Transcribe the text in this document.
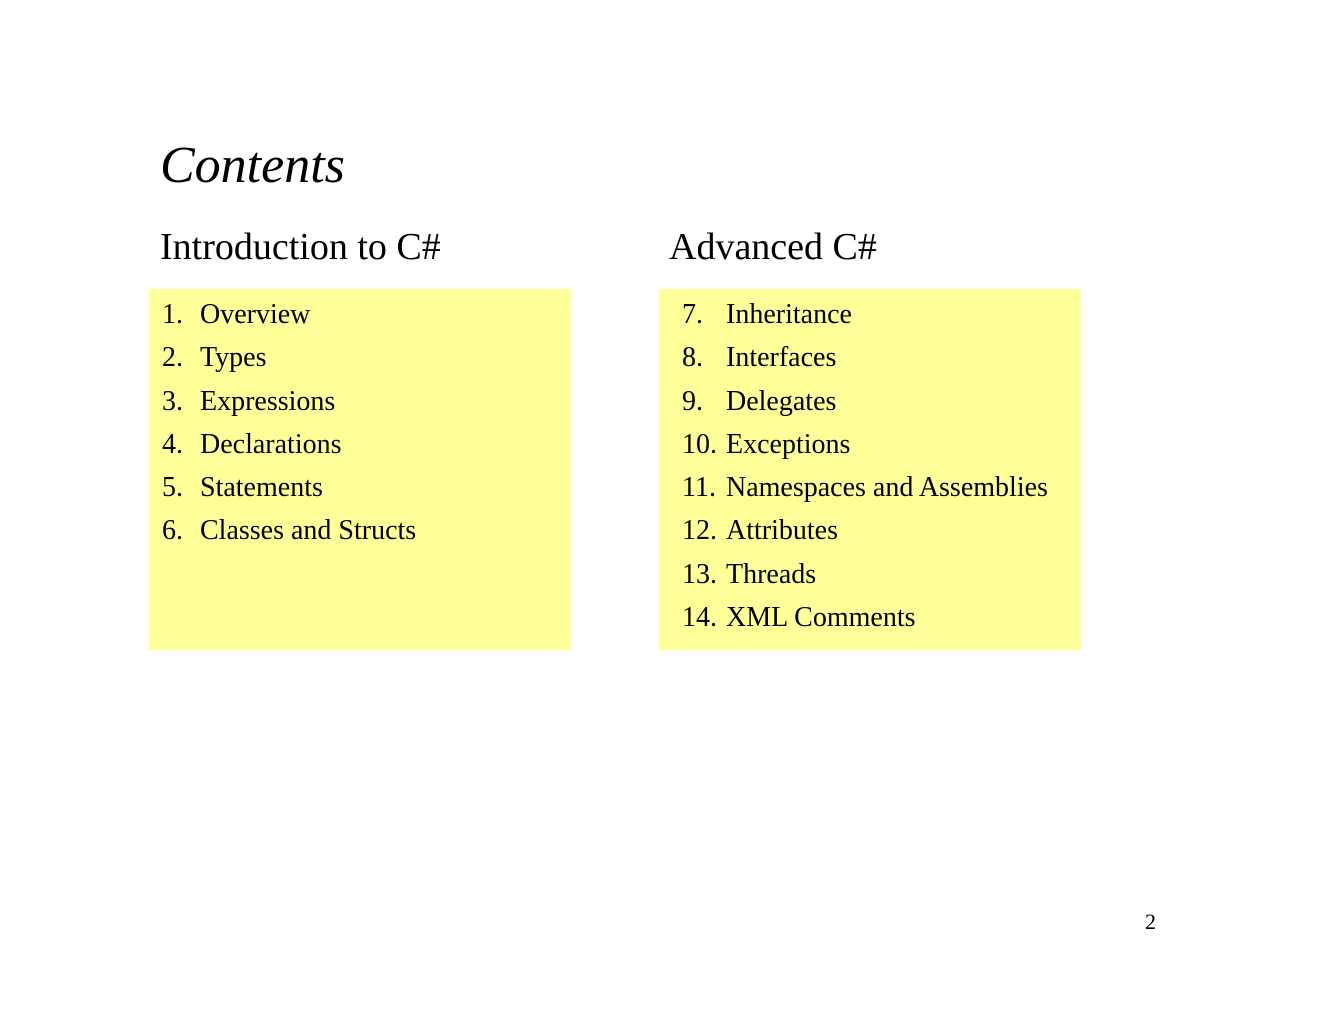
Contents
Introduction to C#	Advanced C#
1. Overview
2. Types
3. Expressions
4. Declarations
5. Statements
6. Classes and Structs
7. Inheritance
8. Interfaces
9. Delegates
10. Exceptions
11. Namespaces and Assemblies
12. Attributes
13. Threads
14. XML Comments
2
